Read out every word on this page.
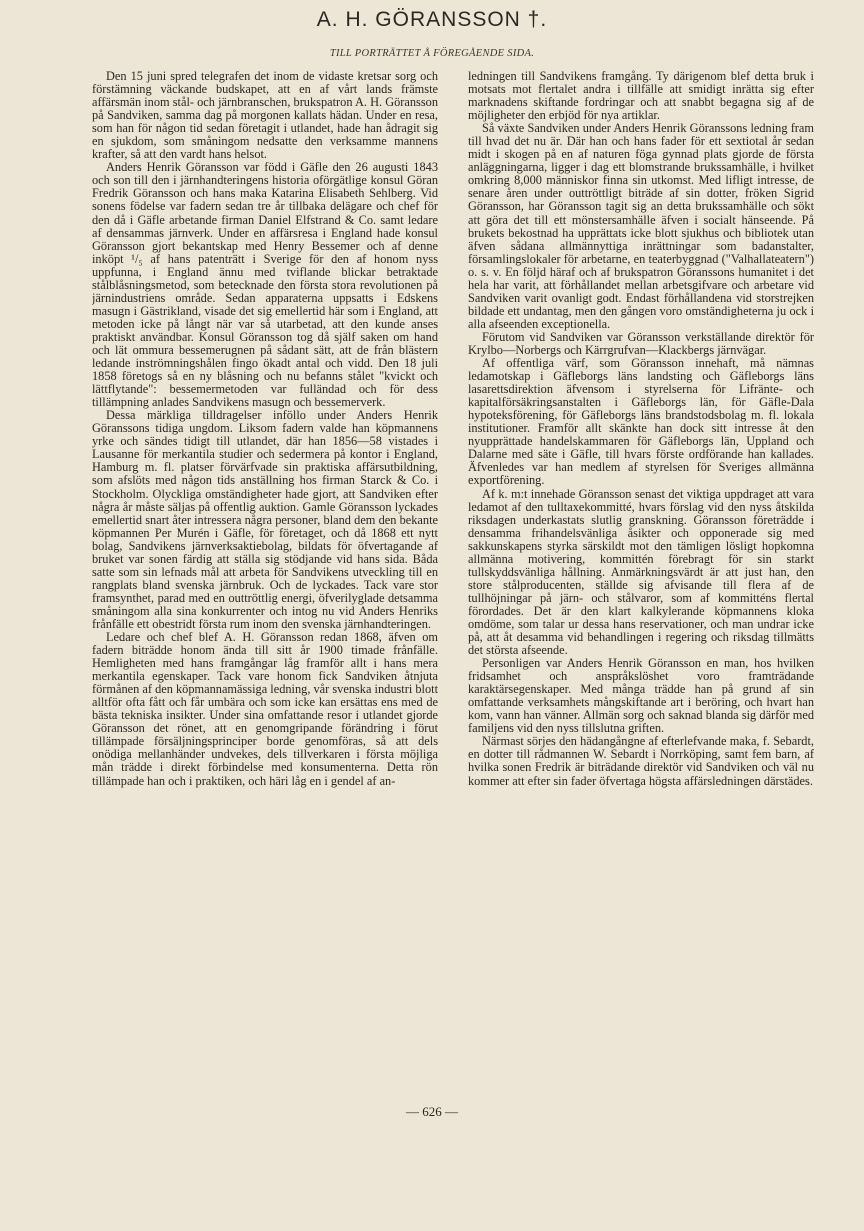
A. H. GÖRANSSON †.
TILL PORTRÄTTET Å FÖREGÅENDE SIDA.

Den 15 juni spred telegrafen det inom de vidaste kretsar sorg och förstämning väckande budskapet, att en af vårt lands främste affärsmän inom stål- och järnbranschen, brukspatron A. H. Göransson på Sandviken, samma dag på morgonen kallats hädan. Under en resa, som han för någon tid sedan företagit i utlandet, hade han ådragit sig en sjukdom, som småningom nedsatte den verksamme mannens krafter, så att den vardt hans helsot.

Anders Henrik Göransson var född i Gäfle den 26 augusti 1843 och son till den i järnhandteringens historia oförgätlige konsul Göran Fredrik Göransson och hans maka Katarina Elisabeth Sehlberg. Vid sonens födelse var fadern sedan tre år tillbaka delägare och chef för den då i Gäfle arbetande firman Daniel Elfstrand & Co. samt ledare af densammas järnverk. Under en affärsresa i England hade konsul Göransson gjort bekantskap med Henry Bessemer och af denne inköpt ¹/₅ af hans patenträtt i Sverige för den af honom nyss uppfunna, i England ännu med tviflande blickar betraktade stålblåsningsmetod, som betecknade den första stora revolutionen på järnindustriens område. Sedan apparaterna uppsatts i Edskens masugn i Gästrikland, visade det sig emellertid här som i England, att metoden icke på långt när var så utarbetad, att den kunde anses praktiskt användbar. Konsul Göransson tog då själf saken om hand och lät ommura bessemerugnen på sådant sätt, att de från blästern ledande inströmningshålen fingo ökadt antal och vidd. Den 18 juli 1858 företogs så en ny blåsning och nu befanns stålet "kvickt och lättflytande": bessemermetoden var fulländad och för dess tillämpning anlades Sandvikens masugn och bessemerverk.

Dessa märkliga tilldragelser inföllo under Anders Henrik Göranssons tidiga ungdom. Liksom fadern valde han köpmannens yrke och sändes tidigt till utlandet, där han 1856—58 vistades i Lausanne för merkantila studier och sedermera på kontor i England, Hamburg m. fl. platser förvärfvade sin praktiska affärsutbildning, som afslöts med någon tids anställning hos firman Starck & Co. i Stockholm. Olyckliga omständigheter hade gjort, att Sandviken efter några år måste säljas på offentlig auktion. Gamle Göransson lyckades emellertid snart åter intressera några personer, bland dem den bekante köpmannen Per Murén i Gäfle, för företaget, och då 1868 ett nytt bolag, Sandvikens järnverksaktiebolag, bildats för öfvertagande af bruket var sonen färdig att ställa sig stödjande vid hans sida. Båda satte som sin lefnads mål att arbeta för Sandvikens utveckling till en rangplats bland svenska järnbruk. Och de lyckades. Tack vare stor framsynthet, parad med en outtröttlig energi, öfverilyglade detsamma småningom alla sina konkurrenter och intog nu vid Anders Henriks frånfälle ett obestridt första rum inom den svenska järnhandteringen.

Ledare och chef blef A. H. Göransson redan 1868, äfven om fadern biträdde honom ända till sitt år 1900 timade frånfälle. Hemligheten med hans framgångar låg framför allt i hans mera merkantila egenskaper. Tack vare honom fick Sandviken åtnjuta förmånen af den köpmannamässiga ledning, vår svenska industri blott alltför ofta fått och får umbära och som icke kan ersättas ens med de bästa tekniska insikter. Under sina omfattande resor i utlandet gjorde Göransson det rönet, att en genomgripande förändring i förut tillämpade försäljningsprinciper borde genomföras, så att dels onödiga mellanhänder undvekes, dels tillverkaren i första möjliga mån trädde i direkt förbindelse med konsumenterna. Detta rön tillämpade han och i praktiken, och häri låg en i gendel af an-

ledningen till Sandvikens framgång. Ty därigenom blef detta bruk i motsats mot flertalet andra i tillfälle att smidigt inrätta sig efter marknadens skiftande fordringar och att snabbt begagna sig af de möjligheter den erbjöd för nya artiklar.

Så växte Sandviken under Anders Henrik Göranssons ledning fram till hvad det nu är. Där han och hans fader för ett sextiotal år sedan midt i skogen på en af naturen föga gynnad plats gjorde de första anläggningarna, ligger i dag ett blomstrande brukssamhälle, i hvilket omkring 8,000 människor finna sin utkomst. Med lifligt intresse, de senare åren under outtröttligt biträde af sin dotter, fröken Sigrid Göransson, har Göransson tagit sig an detta brukssamhälle och sökt att göra det till ett mönstersamhälle äfven i socialt hänseende. På brukets bekostnad ha upprättats icke blott sjukhus och bibliotek utan äfven sådana allmännyttiga inrättningar som badanstalter, församlingslokaler för arbetarne, en teaterbyggnad ("Valhallateatern") o. s. v. En följd häraf och af brukspatron Göranssons humanitet i det hela har varit, att förhållandet mellan arbetsgifvare och arbetare vid Sandviken varit ovanligt godt. Endast förhållandena vid storstrejken bildade ett undantag, men den gången voro omständigheterna ju ock i alla afseenden exceptionella.

Förutom vid Sandviken var Göransson verkställande direktör för Krylbo—Norbergs och Kärrgrufvan—Klackbergs järnvägar.

Af offentliga värf, som Göransson innehaft, må nämnas ledamotskap i Gäfleborgs läns landsting och Gäfleborgs läns lasarettsdirektion äfvensom i styrelserna för Lifränte- och kapitalförsäkringsanstalten i Gäfleborgs län, för Gäfle-Dala hypoteksförening, för Gäfleborgs läns brandstodsbolag m. fl. lokala institutioner. Framför allt skänkte han dock sitt intresse åt den nyupprättade handelskammaren för Gäfleborgs län, Uppland och Dalarne med säte i Gäfle, till hvars förste ordförande han kallades. Äfvenledes var han medlem af styrelsen för Sveriges allmänna exportförening.

Af k. m:t innehade Göransson senast det viktiga uppdraget att vara ledamot af den tulltaxekommitté, hvars förslag vid den nyss åtskilda riksdagen underkastats slutlig granskning. Göransson företrädde i densamma frihandelsvänliga åsikter och opponerade sig med sakkunskapens styrka särskildt mot den tämligen lösligt hopkomna allmänna motivering, kommittén förebragt för sin starkt tullskyddsvänliga hållning. Anmärkningsvärdt är att just han, den store stålproducenten, ställde sig afvisande till flera af de tullhöjningar på järn- och stålvaror, som af kommitténs flertal förordades. Det är den klart kalkylerande köpmannens kloka omdöme, som talar ur dessa hans reservationer, och man undrar icke på, att åt desamma vid behandlingen i regering och riksdag tillmätts det största afseende.

Personligen var Anders Henrik Göransson en man, hos hvilken fridsamhet och anspråkslöshet voro framträdande karaktärsegenskaper. Med många trädde han på grund af sin omfattande verksamhets mångskiftande art i beröring, och hvart han kom, vann han vänner. Allmän sorg och saknad blanda sig därför med familjens vid den nyss tillslutna griften.

Närmast sörjes den hädangångne af efterlefvande maka, f. Sebardt, en dotter till rådmannen W. Sebardt i Norrköping, samt fem barn, af hvilka sonen Fredrik är biträdande direktör vid Sandviken och väl nu kommer att efter sin fader öfvertaga högsta affärsledningen därstädes.

— 626 —
